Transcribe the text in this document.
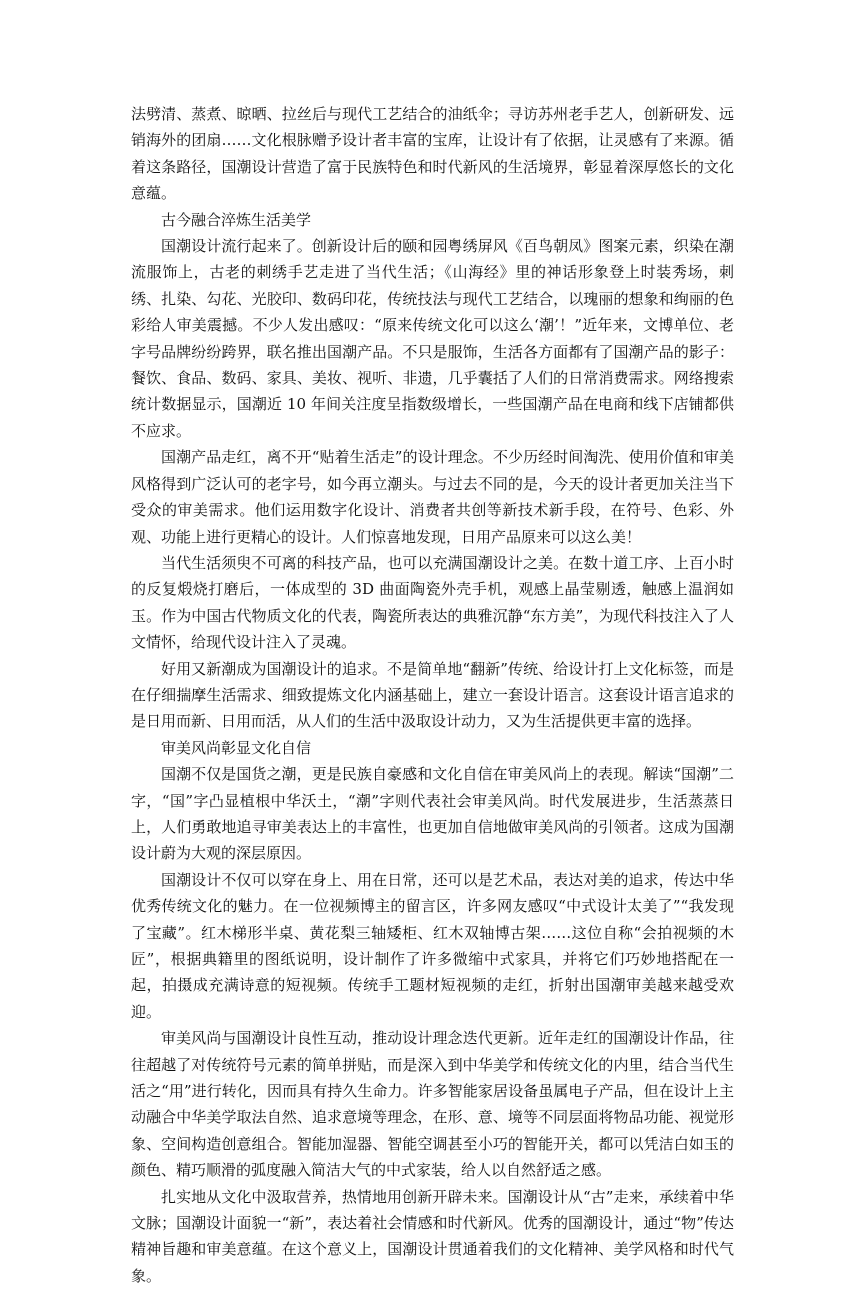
法劈清、蒸煮、晾晒、拉丝后与现代工艺结合的油纸伞；寻访苏州老手艺人，创新研发、远销海外的团扇……文化根脉赠予设计者丰富的宝库，让设计有了依据，让灵感有了来源。循着这条路径，国潮设计营造了富于民族特色和时代新风的生活境界，彰显着深厚悠长的文化意蕴。

古今融合淬炼生活美学

国潮设计流行起来了。创新设计后的颐和园粤绣屏风《百鸟朝凤》图案元素，织染在潮流服饰上，古老的刺绣手艺走进了当代生活；《山海经》里的神话形象登上时装秀场，刺绣、扎染、勾花、光胶印、数码印花，传统技法与现代工艺结合，以瑰丽的想象和绚丽的色彩给人审美震撼。不少人发出感叹：“原来传统文化可以这么‘潮’！”近年来，文博单位、老字号品牌纷纷跨界，联名推出国潮产品。不只是服饰，生活各方面都有了国潮产品的影子：餐饮、食品、数码、家具、美妆、视听、非遗，几乎囊括了人们的日常消费需求。网络搜索统计数据显示，国潮近 10 年间关注度呈指数级增长，一些国潮产品在电商和线下店铺都供不应求。

国潮产品走红，离不开“贴着生活走”的设计理念。不少历经时间淘洗、使用价值和审美风格得到广泛认可的老字号，如今再立潮头。与过去不同的是，今天的设计者更加关注当下受众的审美需求。他们运用数字化设计、消费者共创等新技术新手段，在符号、色彩、外观、功能上进行更精心的设计。人们惊喜地发现，日用产品原来可以这么美！

当代生活须臾不可离的科技产品，也可以充满国潮设计之美。在数十道工序、上百小时的反复煅烧打磨后，一体成型的 3D 曲面陶瓷外壳手机，观感上晶莹剔透，触感上温润如玉。作为中国古代物质文化的代表，陶瓷所表达的典雅沉静“东方美”，为现代科技注入了人文情怀，给现代设计注入了灵魂。

好用又新潮成为国潮设计的追求。不是简单地“翻新”传统、给设计打上文化标签，而是在仔细揣摩生活需求、细致提炼文化内涵基础上，建立一套设计语言。这套设计语言追求的是日用而新、日用而活，从人们的生活中汲取设计动力，又为生活提供更丰富的选择。

审美风尚彰显文化自信

国潮不仅是国货之潮，更是民族自豪感和文化自信在审美风尚上的表现。解读“国潮”二字，“国”字凸显植根中华沃土，“潮”字则代表社会审美风尚。时代发展进步，生活蒸蒸日上，人们勇敢地追寻审美表达上的丰富性，也更加自信地做审美风尚的引领者。这成为国潮设计蔚为大观的深层原因。

国潮设计不仅可以穿在身上、用在日常，还可以是艺术品，表达对美的追求，传达中华优秀传统文化的魅力。在一位视频博主的留言区，许多网友感叹“中式设计太美了”“我发现了宝藏”。红木梯形半桌、黄花梨三轴矮柜、红木双轴博古架……这位自称“会拍视频的木匠”，根据典籍里的图纸说明，设计制作了许多微缩中式家具，并将它们巧妙地搭配在一起，拍摄成充满诗意的短视频。传统手工题材短视频的走红，折射出国潮审美越来越受欢迎。

审美风尚与国潮设计良性互动，推动设计理念迭代更新。近年走红的国潮设计作品，往往超越了对传统符号元素的简单拼贴，而是深入到中华美学和传统文化的内里，结合当代生活之“用”进行转化，因而具有持久生命力。许多智能家居设备虽属电子产品，但在设计上主动融合中华美学取法自然、追求意境等理念，在形、意、境等不同层面将物品功能、视觉形象、空间构造创意组合。智能加湿器、智能空调甚至小巧的智能开关，都可以凭洁白如玉的颜色、精巧顺滑的弧度融入简洁大气的中式家装，给人以自然舒适之感。

扎实地从文化中汲取营养，热情地用创新开辟未来。国潮设计从“古”走来，承续着中华文脉；国潮设计面貌一“新”，表达着社会情感和时代新风。优秀的国潮设计，通过“物”传达精神旨趣和审美意蕴。在这个意义上，国潮设计贯通着我们的文化精神、美学风格和时代气象。
